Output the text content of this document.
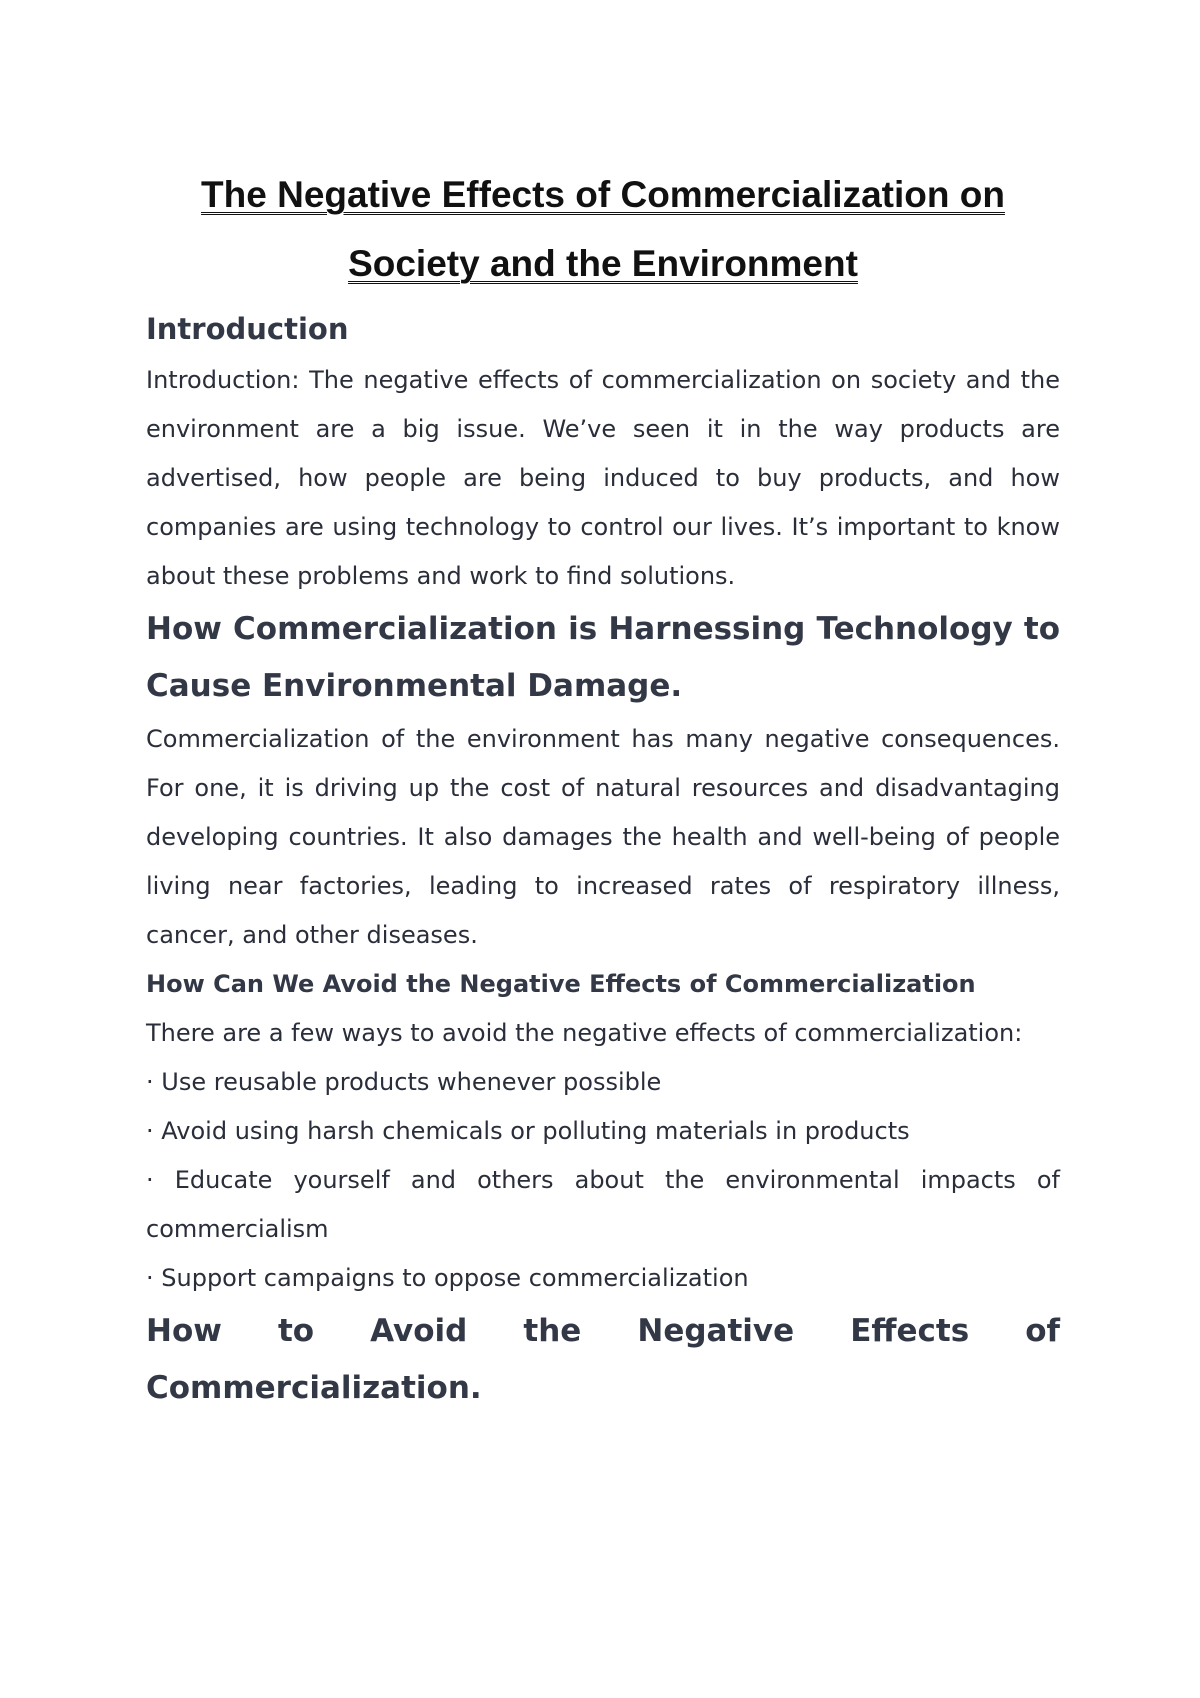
The Negative Effects of Commercialization on
Society and the Environment
Introduction

Introduction: The negative effects of commercialization on society and the environment are a big issue. We’ve seen it in the way products are advertised, how people are being induced to buy products, and how companies are using technology to control our lives. It’s important to know about these problems and work to find solutions.

How Commercialization is Harnessing Technology to Cause Environmental Damage.

Commercialization of the environment has many negative consequences. For one, it is driving up the cost of natural resources and disadvantaging developing countries. It also damages the health and well-being of people living near factories, leading to increased rates of respiratory illness, cancer, and other diseases.

How Can We Avoid the Negative Effects of Commercialization

There are a few ways to avoid the negative effects of commercialization:

· Use reusable products whenever possible

· Avoid using harsh chemicals or polluting materials in products

· Educate yourself and others about the environmental impacts of commercialism

· Support campaigns to oppose commercialization

How to Avoid the Negative Effects of Commercialization.
